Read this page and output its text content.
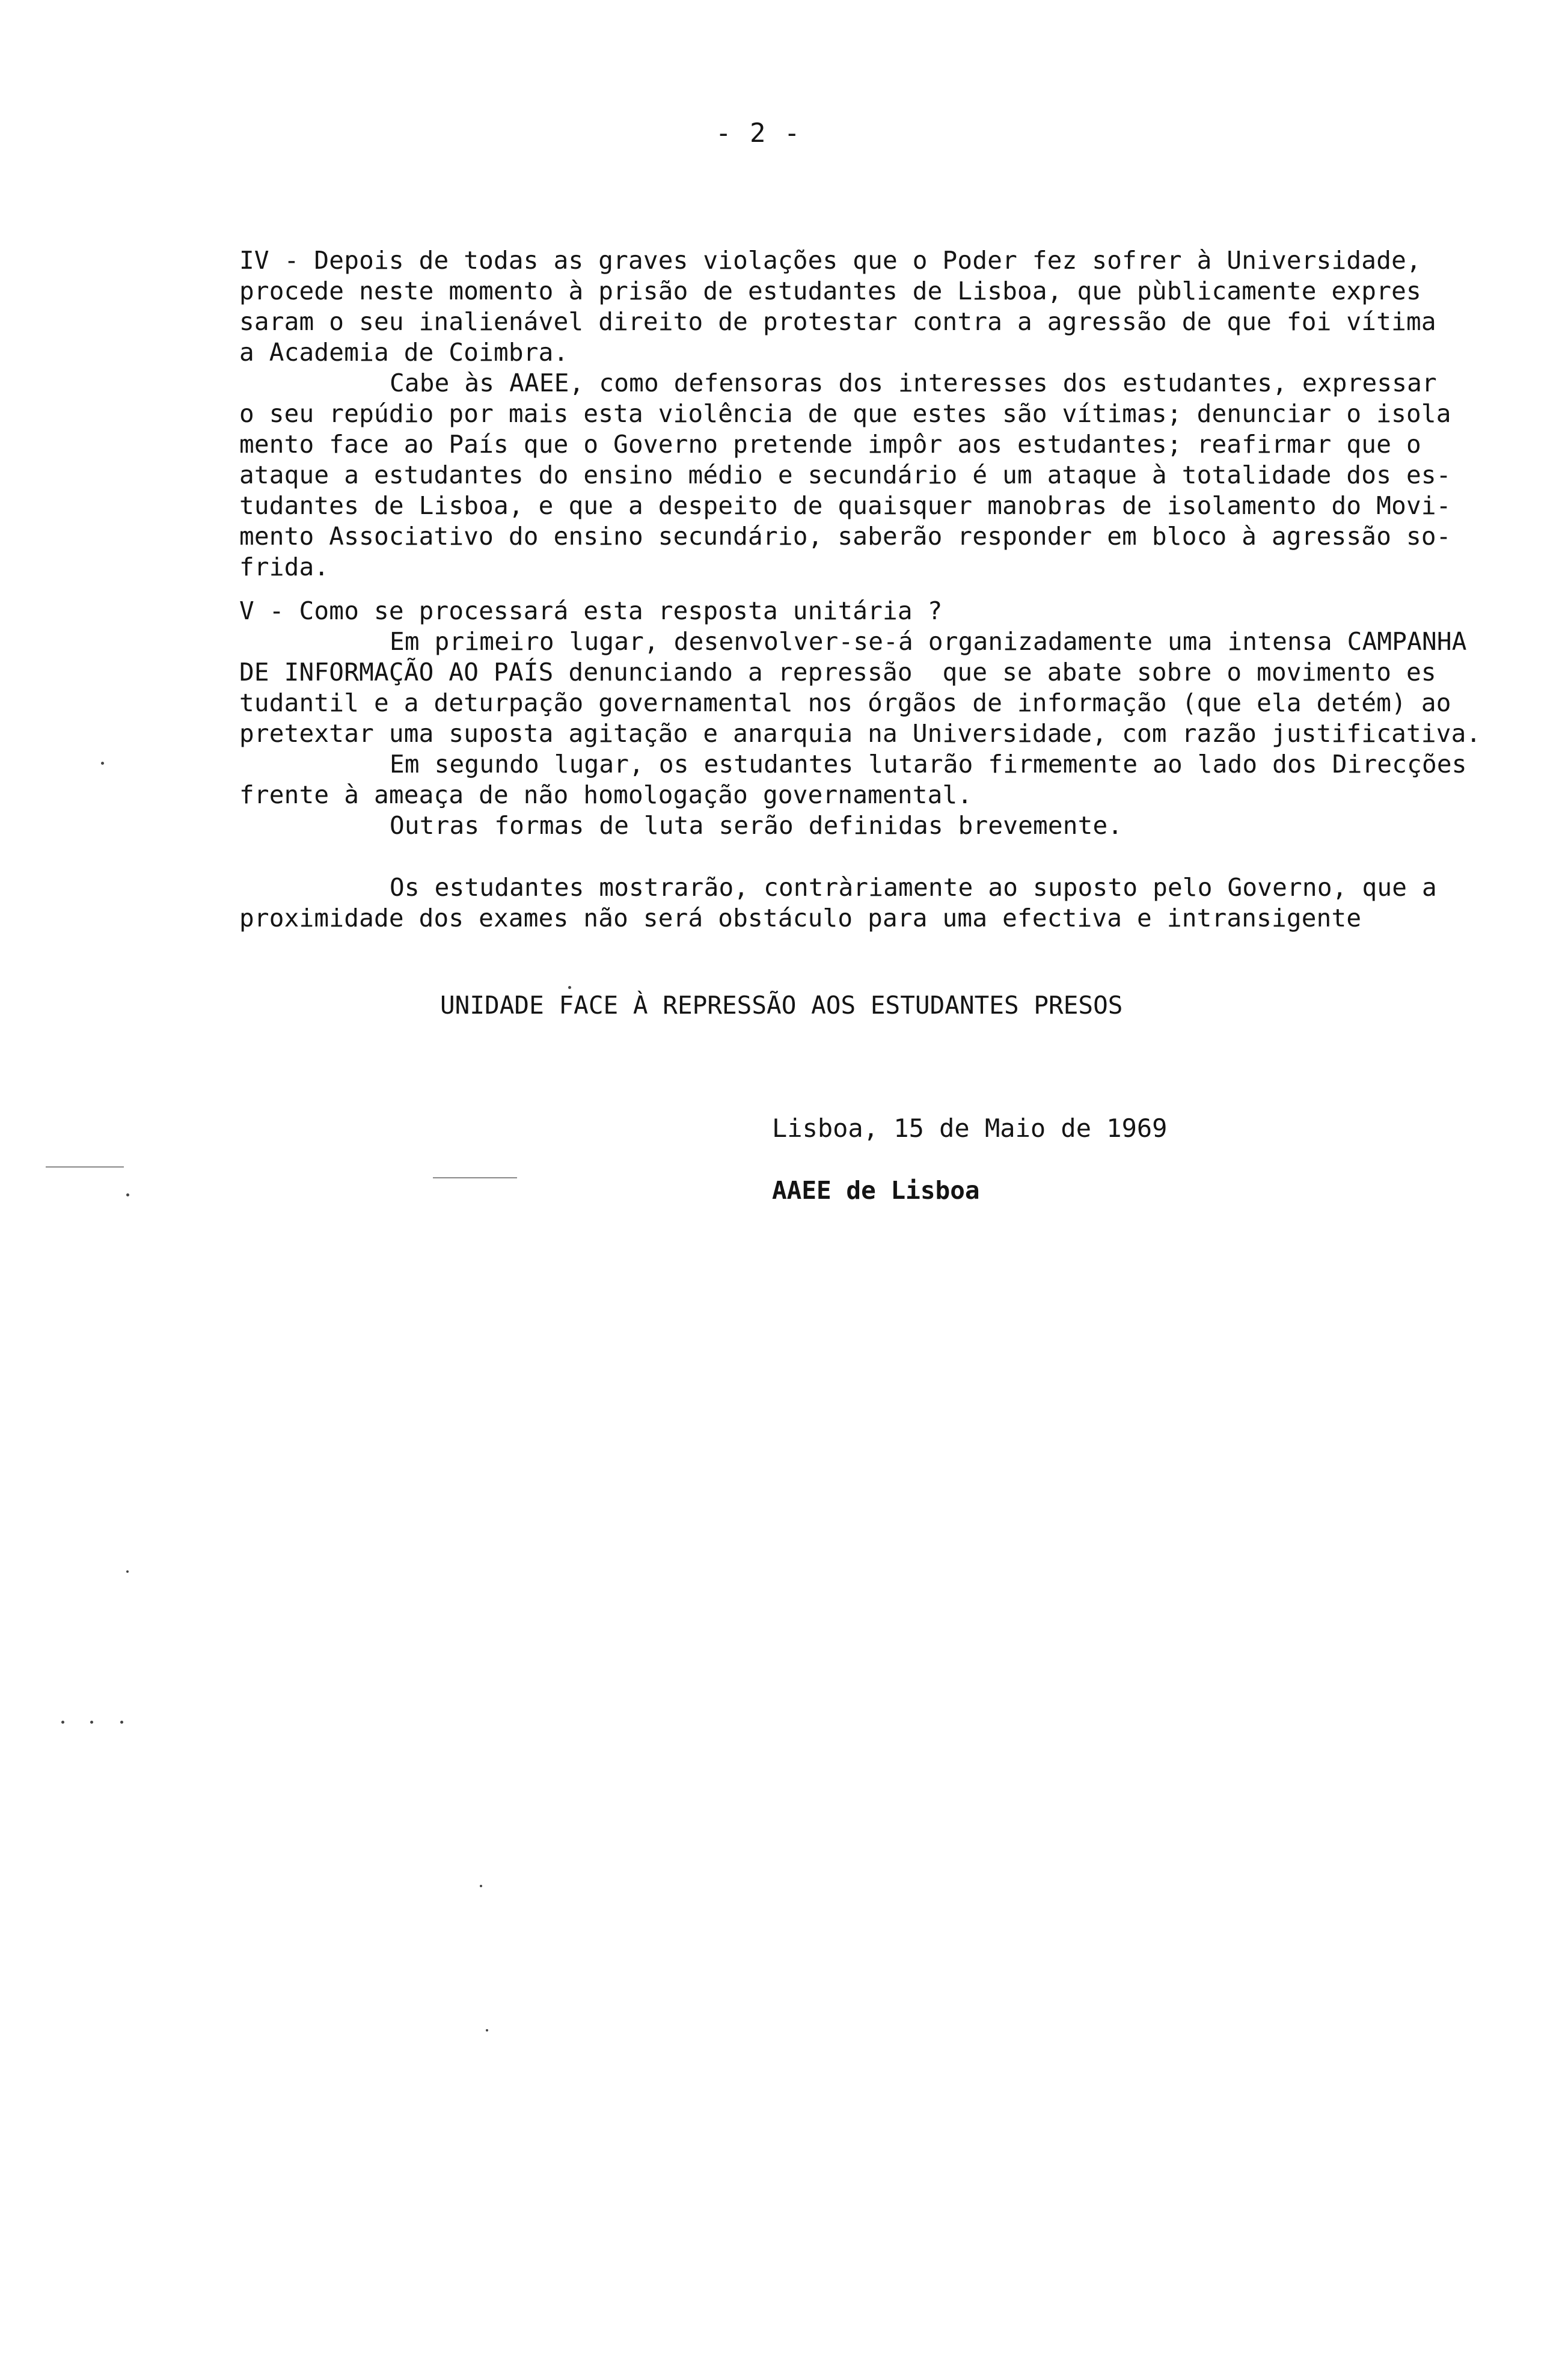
- 2 -
IV - Depois de todas as graves violações que o Poder fez sofrer à Universidade,
procede neste momento à prisão de estudantes de Lisboa, que pùblicamente expres
saram o seu inalienável direito de protestar contra a agressão de que foi vítima
a Academia de Coimbra.
Cabe às AAEE, como defensoras dos interesses dos estudantes, expressar
o seu repúdio por mais esta violência de que estes são vítimas; denunciar o isola
mento face ao País que o Governo pretende impôr aos estudantes; reafirmar que o
ataque a estudantes do ensino médio e secundário é um ataque à totalidade dos es-
tudantes de Lisboa, e que a despeito de quaisquer manobras de isolamento do Movi-
mento Associativo do ensino secundário, saberão responder em bloco à agressão so-
frida.
V - Como se processará esta resposta unitária ?
Em primeiro lugar, desenvolver-se-á organizadamente uma intensa CAMPANHA
DE INFORMAÇÃO AO PAÍS denunciando a repressão  que se abate sobre o movimento es
tudantil e a deturpação governamental nos órgãos de informação (que ela detém) ao
pretextar uma suposta agitação e anarquia na Universidade, com razão justificativa.
Em segundo lugar, os estudantes lutarão firmemente ao lado dos Direcções
frente à ameaça de não homologação governamental.
Outras formas de luta serão definidas brevemente.
Os estudantes mostrarão, contràriamente ao suposto pelo Governo, que a
proximidade dos exames não será obstáculo para uma efectiva e intransigente
UNIDADE FACE À REPRESSÃO AOS ESTUDANTES PRESOS
Lisboa, 15 de Maio de 1969
AAEE de Lisboa
